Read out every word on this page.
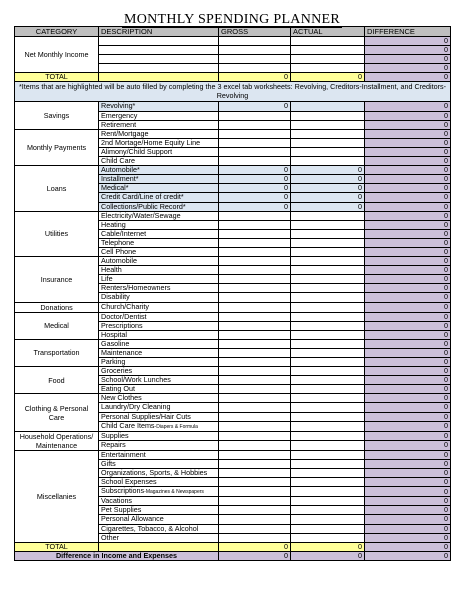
MONTHLY SPENDING PLANNER
CATEGORY	DESCRIPTION	GROSS	ACTUAL	DIFFERENCE
Net Monthly Income				0
				0
				0
				0
TOTAL		0	0	0
*Items that are highlighted will be auto filled by completing the 3 excel tab worksheets: Revolving, Creditors-Installment, and Creditors- Revolving				
Savings	Revolving*	0		0
	Emergency			0
	Retirement			0
Monthly Payments	Rent/Mortgage			0
	2nd Mortage/Home Equity Line			0
	Alimony/Child Support			0
	Child Care			0
Loans	Automobile*	0	0	0
	Installment*	0	0	0
	Medical*	0	0	0
	Credit Card/Line of credit*	0	0	0
	Collections/Public Record*	0	0	0
Utilities	Electricity/Water/Sewage			0
	Heating			0
	Cable/Internet			0
	Telephone			0
	Cell Phone			0
Insurance	Automobile			0
	Health			0
	Life			0
	Renters/Homeowners			0
	Disability			0
Donations	Church/Charity			0
Medical	Doctor/Dentist			0
	Prescriptions			0
	Hospital			0
Transportation	Gasoline			0
	Maintenance			0
	Parking			0
Food	Groceries			0
	School/Work Lunches			0
	Eating Out			0
Clothing & Personal Care	New Clothes			0
	Laundry/Dry Cleaning			0
	Personal Supplies/Hair Cuts			0
	Child Care Items-Diapers & Formula			0
Household Operations/ Maintenance	Supplies			0
	Repairs			0
Miscellanies	Entertainment			0
	Gifts			0
	Organizations, Sports, & Hobbies			0
	School Expenses			0
	Subscriptions-Magazines & Newspapers			0
	Vacations			0
	Pet Supplies			0
	Personal Allowance			0
	Cigarettes, Tobacco, & Alcohol			0
	Other			0
TOTAL		0	0	0
Difference in Income and Expenses		0	0	0
